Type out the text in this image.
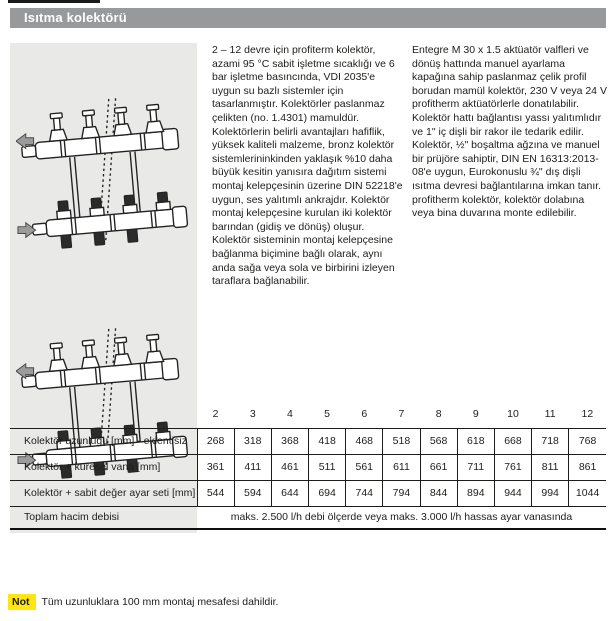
Isıtma kolektörü
2 – 12 devre için profiterm kolektör, azami 95 °C sabit işletme sıcaklığı ve 6 bar işletme basıncında, VDI 2035'e uygun su bazlı sistemler için tasarlanmıştır. Kolektörler paslanmaz çelikten (no. 1.4301) mamuldür. Kolektörlerin belirli avantajları hafiflik, yüksek kaliteli malzeme, bronz kolektör sistemlerininkinden yaklaşık %10 daha büyük kesitin yanısıra dağıtım sistemi montaj kelepçesinin üzerine DIN 52218'e uygun, ses yalıtımlı ankrajdır. Kolektör montaj kelepçesine kurulan iki kolektör barından (gidiş ve dönüş) oluşur. Kolektör sisteminin montaj kelepçesine bağlanma biçimine bağlı olarak, aynı anda sağa veya sola ve birbirini izleyen taraflara bağlanabilir.
Entegre M 30 x 1.5 aktüatör valfleri ve dönüş hattında manuel ayarlama kapağına sahip paslanmaz çelik profil borudan mamül kolektör, 230 V veya 24 V profitherm aktüatörlerle donatılabilir. Kolektör hattı bağlantısı yassı yalıtımlıdır ve 1" iç dişli bir rakor ile tedarik edilir. Kolektör, ½" boşaltma ağzına ve manuel bir prüjöre sahiptir, DIN EN 16313:2013-08'e uygun, Eurokonuslu ¾" dış dişli ısıtma devresi bağlantılarına imkan tanır. profitherm kolektör, kolektör dolabına veya bina duvarına monte edilebilir.
	2	3	4	5	6	7	8	9	10	11	12
Kolektör uzunluğu [mm] - eklentisiz	268	318	368	418	468	518	568	618	668	718	768
Kolektör + küresel vana [mm]	361	411	461	511	561	611	661	711	761	811	861
Kolektör + sabit değer ayar seti [mm]	544	594	644	694	744	794	844	894	944	994	1044
Toplam hacim debisi	maks. 2.500 l/h debi ölçerde veya maks. 3.000 l/h hassas ayar vanasında										
Not Tüm uzunluklara 100 mm montaj mesafesi dahildir.
